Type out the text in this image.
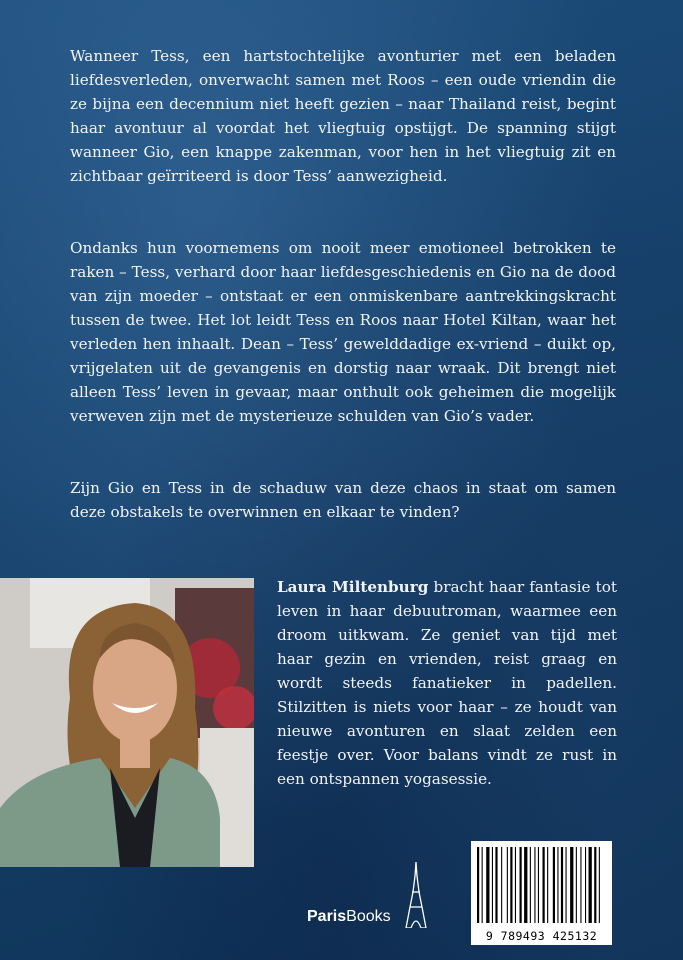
Wanneer Tess, een hartstochtelijke avonturier met een beladen liefdesverleden, onverwacht samen met Roos – een oude vriendin die ze bijna een decennium niet heeft gezien – naar Thailand reist, begint haar avontuur al voordat het vliegtuig opstijgt. De spanning stijgt wanneer Gio, een knappe zakenman, voor hen in het vliegtuig zit en zichtbaar geïrriteerd is door Tess’ aanwezigheid.

Ondanks hun voornemens om nooit meer emotioneel betrokken te raken – Tess, verhard door haar liefdesgeschiedenis en Gio na de dood van zijn moeder – ontstaat er een onmiskenbare aantrekkingskracht tussen de twee. Het lot leidt Tess en Roos naar Hotel Kiltan, waar het verleden hen inhaalt. Dean – Tess’ gewelddadige ex-vriend – duikt op, vrijgelaten uit de gevangenis en dorstig naar wraak. Dit brengt niet alleen Tess’ leven in gevaar, maar onthult ook geheimen die mogelijk verweven zijn met de mysterieuze schulden van Gio’s vader.

Zijn Gio en Tess in de schaduw van deze chaos in staat om samen deze obstakels te overwinnen en elkaar te vinden?

Laura Miltenburg bracht haar fantasie tot leven in haar debuutroman, waarmee een droom uitkwam. Ze geniet van tijd met haar gezin en vrienden, reist graag en wordt steeds fanatieker in padellen. Stilzitten is niets voor haar – ze houdt van nieuwe avonturen en slaat zelden een feestje over. Voor balans vindt ze rust in een ontspannen yogasessie.

Paris Books
9 789493 425132
